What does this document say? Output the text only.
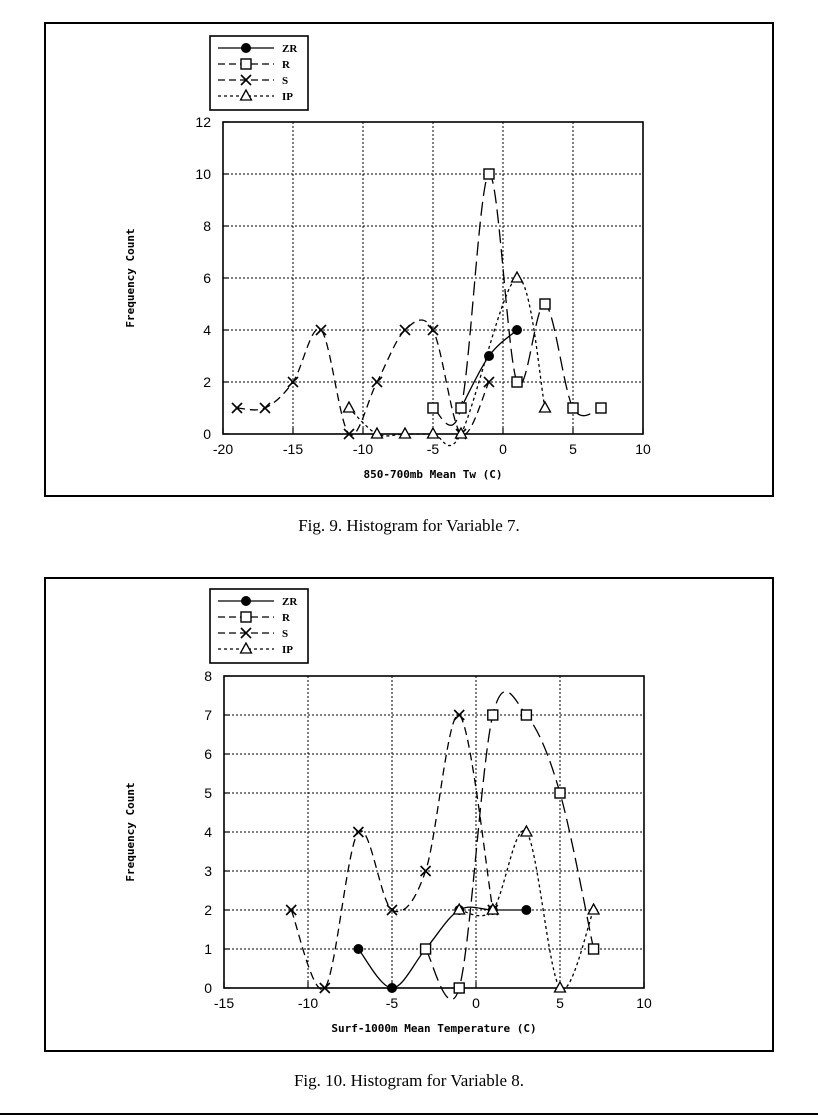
-20	-15	-10	-5	0	5	10
0
2
4
6
8
10
12
850-700mb Mean Tw (C)
Frequency Count
ZR
R
S
IP
Fig. 9. Histogram for Variable 7.
-15	-10	-5	0	5	10
0
1
2
3
4
5
6
7
8
Surf-1000m Mean Temperature (C)
Frequency Count
ZR
R
S
IP
Fig. 10. Histogram for Variable 8.
